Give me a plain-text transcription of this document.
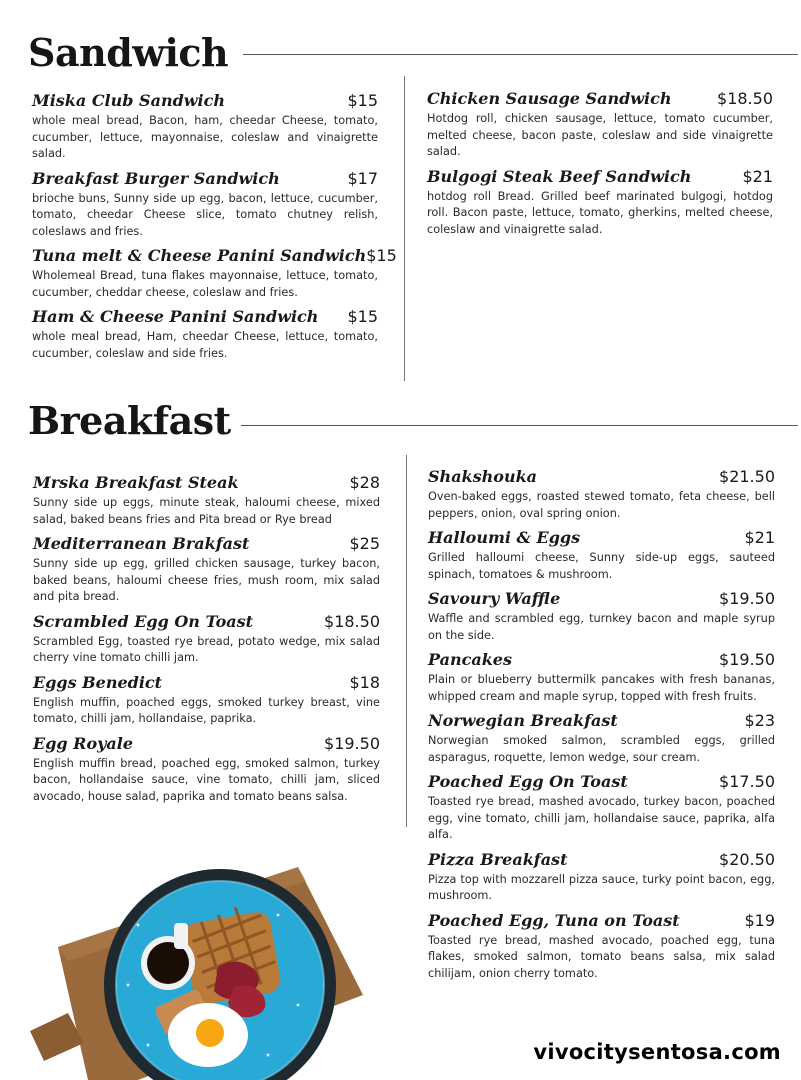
Sandwich
Miska Club Sandwich	$15

whole meal bread, Bacon, ham, cheedar Cheese, tomato, cucumber, lettuce, mayonnaise, coleslaw and vinaigrette salad.

Breakfast Burger Sandwich	$17

brioche buns, Sunny side up egg, bacon, lettuce, cucumber, tomato, cheedar Cheese slice, tomato chutney relish, coleslaws and fries.

Tuna melt & Cheese Panini Sandwich $15

Wholemeal Bread, tuna flakes mayonnaise, lettuce, tomato, cucumber, cheddar cheese, coleslaw and fries.

Ham & Cheese Panini Sandwich $15

whole meal bread, Ham, cheedar Cheese, lettuce, tomato, cucumber, coleslaw and side fries.

Chicken Sausage Sandwich	$18.50

Hotdog roll, chicken sausage, lettuce, tomato cucumber, melted cheese, bacon paste, coleslaw and side vinaigrette salad.

Bulgogi Steak Beef Sandwich	$21

hotdog roll Bread. Grilled beef marinated bulgogi, hotdog roll. Bacon paste, lettuce, tomato, gherkins, melted cheese, coleslaw and vinaigrette salad.

Breakfast
Mrska Breakfast Steak	$28

Sunny side up eggs, minute steak, haloumi cheese, mixed salad, baked beans fries and Pita bread or Rye bread

Mediterranean Brakfast	$25

Sunny side up egg, grilled chicken sausage, turkey bacon, baked beans, haloumi cheese fries, mush room, mix salad and pita bread.

Scrambled Egg On Toast	$18.50

Scrambled Egg, toasted rye bread, potato wedge, mix salad cherry vine tomato chilli jam.

Eggs Benedict	$18

English muffin, poached eggs, smoked turkey breast, vine tomato, chilli jam, hollandaise, paprika.

Egg Royale	$19.50

English muffin bread, poached egg, smoked salmon, turkey bacon, hollandaise sauce, vine tomato, chilli jam, sliced avocado, house salad, paprika and tomato beans salsa.

Shakshouka	$21.50

Oven-baked eggs, roasted stewed tomato, feta cheese, bell peppers, onion, oval spring onion.

Halloumi & Eggs	$21

Grilled halloumi cheese, Sunny side-up eggs, sauteed spinach, tomatoes & mushroom.

Savoury Waffle	$19.50

Waffle and scrambled egg, turnkey bacon and maple syrup on the side.

Pancakes	$19.50

Plain or blueberry buttermilk pancakes with fresh bananas, whipped cream and maple syrup, topped with fresh fruits.

Norwegian Breakfast	$23

Norwegian smoked salmon, scrambled eggs, grilled asparagus, roquette, lemon wedge, sour cream.

Poached Egg On Toast	$17.50

Toasted rye bread, mashed avocado, turkey bacon, poached egg, vine tomato, chilli jam, hollandaise sauce, paprika, alfa alfa.

Pizza Breakfast	$20.50

Pizza top with mozzarell pizza sauce, turky point bacon, egg, mushroom.

Poached Egg, Tuna on Toast	$19

Toasted rye bread, mashed avocado, poached egg, tuna flakes, smoked salmon, tomato beans salsa, mix salad chilijam, onion cherry tomato.

vivocitysentosa.com
